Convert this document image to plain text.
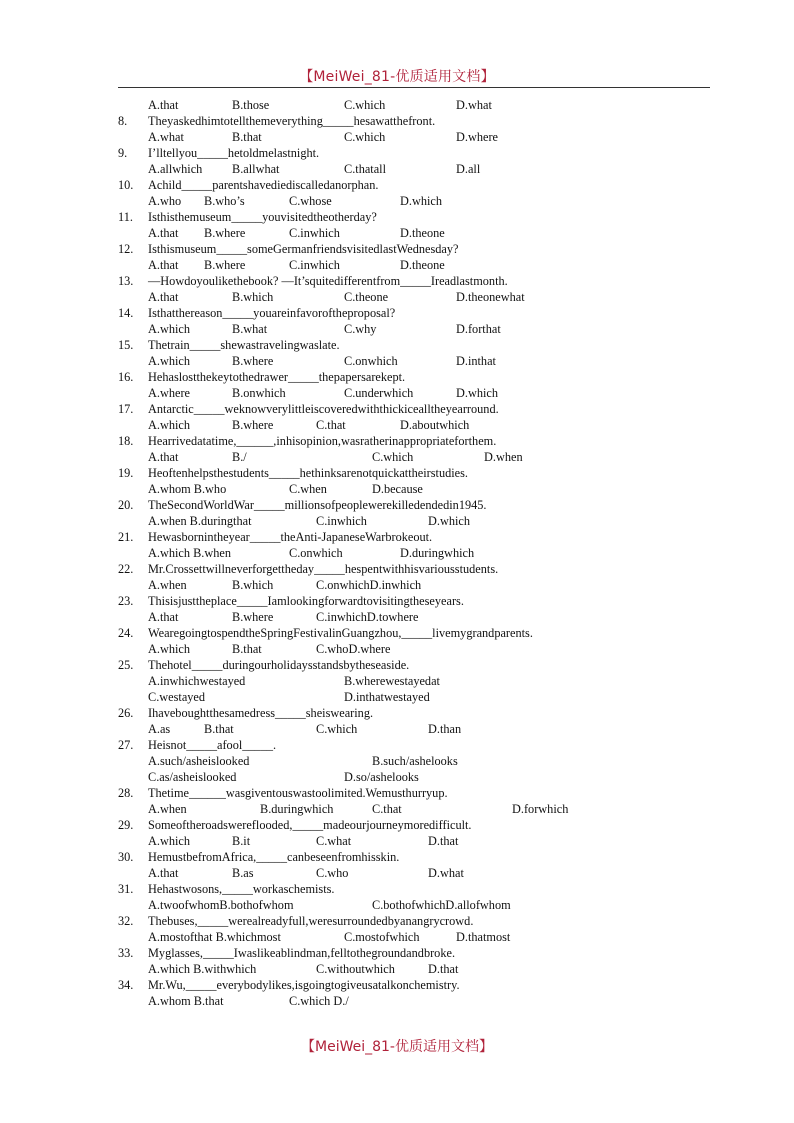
【MeiWei_81-优质适用文档】
A.that	B.those	C.which	D.what
8. Theyaskedhimtotellthemeverything_____hesawatthefront.
A.what	B.that	C.which	D.where
9. I’lltellyou_____hetoldmelastnight.
A.allwhich B.allwhat	C.thatall	D.all
10. Achild_____parentshavediediscalledanorphan.
A.who B.who’s	C.whose	D.which
11. Isthisthemuseum_____youvisitedtheotherday?
A.that B.where	C.inwhich	D.theone
12. Isthismuseum_____someGermanfriendsvisitedlastWednesday?
A.that B.where	C.inwhich	D.theone
13. —Howdoyoulikethebook? —It’squitedifferentfrom_____Ireadlastmonth.
A.that	B.which	C.theone	D.theonewhat
14. Isthatthereason_____youareinfavoroftheproposal?
A.which	B.what	C.why	D.forthat
15. Thetrain_____shewastravelingwaslate.
A.which	B.where	C.onwhich	D.inthat
16. Hehaslostthekeytothedrawer_____thepapersarekept.
A.where	B.onwhich	C.underwhich	D.which
17. Antarctic_____weknowverylittleiscoveredwiththickicealltheyearround.
A.which	B.where	C.that	D.aboutwhich
18. Hearrivedatatime,______,inhisopinion,wasratherinappropriateforthem.
A.that	B./	C.which	D.when
19. Heoftenhelpsthestudents_____hethinksarenotquickattheirstudies.
A.whom B.who	C.when	D.because
20. TheSecondWorldWar_____millionsofpeoplewerekilledendedin1945.
A.when B.duringthat	C.inwhich	D.which
21. Hewasbornintheyear_____theAnti-JapaneseWarbrokeout.
A.which B.when	C.onwhich	D.duringwhich
22. Mr.Crossettwillneverforgettheday_____hespentwithhisvariousstudents.
A.when	B.which	C.onwhichD.inwhich
23. Thisisjusttheplace_____Iamlookingforwardtovisitingtheseyears.
A.that	B.where	C.inwhichD.towhere
24. WearegoingtospendtheSpringFestivalinGuangzhou,_____livemygrandparents.
A.which	B.that	C.whoD.where
25. Thehotel_____duringourholidaysstandsbytheseaside.
A.inwhichwestayed	B.wherewestayedat
C.westayed	D.inthatwestayed
26. Ihaveboughtthesamedress_____sheiswearing.
A.as	B.that	C.which	D.than
27. Heisnot_____afool_____.
A.such/asheislooked	B.such/ashelooks
C.as/asheislooked	D.so/ashelooks
28. Thetime______wasgiventouswastoolimited.Wemusthurryup.
A.when	B.duringwhich	C.that	D.forwhich
29. Someoftheroadswereflooded,_____madeourjourneymoredifficult.
A.which	B.it	C.what	D.that
30. HemustbefromAfrica,_____canbeseenfromhisskin.
A.that	B.as	C.who	D.what
31. Hehastwosons,_____workaschemists.
A.twoofwhomB.bothofwhom	C.bothofwhichD.allofwhom
32. Thebuses,_____werealreadyfull,weresurroundedbyanangrycrowd.
A.mostofthat B.whichmost	C.mostofwhich	D.thatmost
33. Myglasses,_____Iwaslikeablindman,felltothegroundandbroke.
A.which B.withwhich	C.withoutwhich	D.that
34. Mr.Wu,_____everybodylikes,isgoingtogiveusatalkonchemistry.
A.whom B.that	C.which D./
【MeiWei_81-优质适用文档】
